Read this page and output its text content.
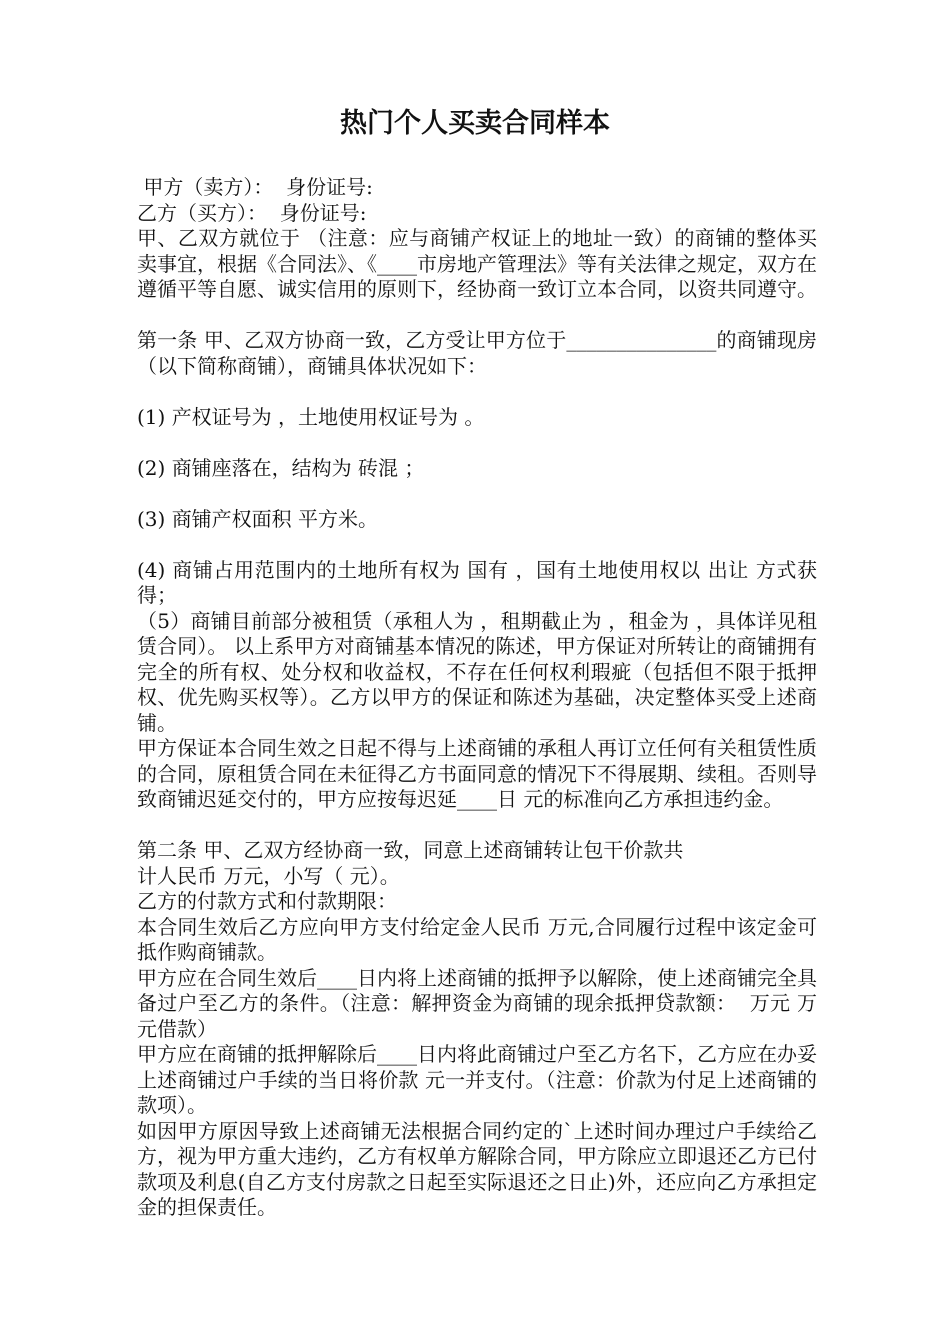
热门个人买卖合同样本

甲方（卖方）：  身份证号:

乙方（买方）：  身份证号:

甲、乙双方就位于 （注意：应与商铺产权证上的地址一致）的商铺的整体买卖事宜，根据《合同法》、《____市房地产管理法》等有关法律之规定，双方在遵循平等自愿、诚实信用的原则下，经协商一致订立本合同，以资共同遵守。

第一条 甲、乙双方协商一致，乙方受让甲方位于_______________的商铺现房（以下简称商铺），商铺具体状况如下：

(1) 产权证号为 ，土地使用权证号为 。

(2) 商铺座落在，结构为 砖混 ；

(3) 商铺产权面积 平方米。

(4) 商铺占用范围内的土地所有权为 国有 ，国有土地使用权以 出让 方式获得；

（5）商铺目前部分被租赁（承租人为 ，租期截止为 ，租金为 ，具体详见租赁合同）。 以上系甲方对商铺基本情况的陈述，甲方保证对所转让的商铺拥有完全的所有权、处分权和收益权，不存在任何权利瑕疵（包括但不限于抵押权、优先购买权等）。乙方以甲方的保证和陈述为基础，决定整体买受上述商铺。

甲方保证本合同生效之日起不得与上述商铺的承租人再订立任何有关租赁性质的合同，原租赁合同在未征得乙方书面同意的情况下不得展期、续租。否则导致商铺迟延交付的，甲方应按每迟延____日 元的标准向乙方承担违约金。

第二条 甲、乙双方经协商一致，同意上述商铺转让包干价款共

计人民币 万元，小写（ 元）。

乙方的付款方式和付款期限：

本合同生效后乙方应向甲方支付给定金人民币 万元,合同履行过程中该定金可抵作购商铺款。

甲方应在合同生效后____日内将上述商铺的抵押予以解除，使上述商铺完全具备过户至乙方的条件。（注意：解押资金为商铺的现余抵押贷款额：  万元 万元借款）

甲方应在商铺的抵押解除后____日内将此商铺过户至乙方名下，乙方应在办妥上述商铺过户手续的当日将价款 元一并支付。（注意：价款为付足上述商铺的款项）。

如因甲方原因导致上述商铺无法根据合同约定的`上述时间办理过户手续给乙方，视为甲方重大违约，乙方有权单方解除合同，甲方除应立即退还乙方已付款项及利息(自乙方支付房款之日起至实际退还之日止)外，还应向乙方承担定金的担保责任。
